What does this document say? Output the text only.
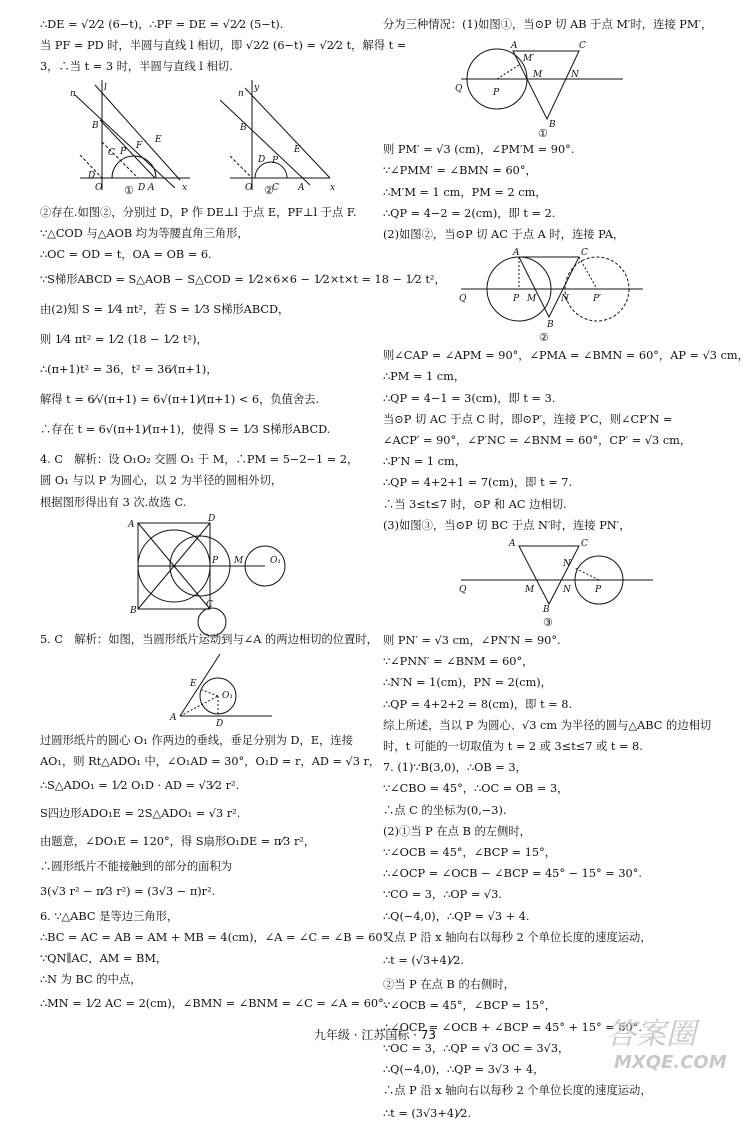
∴DE = √2⁄2 (6−t)，∴PF = DE = √2⁄2 (5−t).
当 PF = PD 时，半圆与直线 l 相切，即 √2⁄2 (6−t) = √2⁄2 t，解得 t =
3，∴当 t = 3 时，半圆与直线 l 相切.
l
n
B
C P
F
E
D
O	D A	x
y
n
B
D P
E
O C A	x
①	②
②存在.如图②，分别过 D，P 作 DE⊥l 于点 E，PF⊥l 于点 F.
∵△COD 与△AOB 均为等腰直角三角形，
∴OC = OD = t，OA = OB = 6.
∵S梯形ABCD = S△AOB − S△COD = 1⁄2×6×6 − 1⁄2×t×t = 18 − 1⁄2 t²，
由(2)知 S = 1⁄4 πt²，若 S = 1⁄3 S梯形ABCD，
则 1⁄4 πt² = 1⁄2 (18 − 1⁄2 t²)，
∴(π+1)t² = 36，t² = 36⁄(π+1)，
解得 t = 6⁄√(π+1) = 6√(π+1)⁄(π+1) < 6，负值舍去.
∴存在 t = 6√(π+1)⁄(π+1)，使得 S = 1⁄3 S梯形ABCD.
4. C　解析：设 O₁O₂ 交圆 O₁ 于 M，∴PM = 5−2−1 = 2，
圆 O₁ 与以 P 为圆心，以 2 为半径的圆相外切，
根据图形得出有 3 次.故选 C.
A
D
B
C
P M	O₁
5. C　解析：如图，当圆形纸片运动到与∠A 的两边相切的位置时，
A
E
O₁
D
过圆形纸片的圆心 O₁ 作两边的垂线，垂足分别为 D，E，连接
AO₁，则 Rt△ADO₁ 中，∠O₁AD = 30°，O₁D = r，AD = √3 r，
∴S△ADO₁ = 1⁄2 O₁D · AD = √3⁄2 r².
S四边形ADO₁E = 2S△ADO₁ = √3 r².
由题意，∠DO₁E = 120°，得 S扇形O₁DE = π⁄3 r²，
∴圆形纸片不能接触到的部分的面积为
3(√3 r² − π⁄3 r²) = (3√3 − π)r².
6. ∵△ABC 是等边三角形，
∴BC = AC = AB = AM + MB = 4(cm)，∠A = ∠C = ∠B = 60°.
∵QN∥AC，AM = BM，
∴N 为 BC 的中点，
∴MN = 1⁄2 AC = 2(cm)，∠BMN = ∠BNM = ∠C = ∠A = 60°.
分为三种情况：(1)如图①，当⊙P 切 AB 于点 M′时，连接 PM′，
A	C
M′
M	N
Q	P
B
①
则 PM′ = √3 (cm)，∠PM′M = 90°.
∵∠PMM′ = ∠BMN = 60°，
∴M′M = 1 cm，PM = 2 cm，
∴QP = 4−2 = 2(cm)，即 t = 2.
(2)如图②，当⊙P 切 AC 于点 A 时，连接 PA，
A	C
Q	P M	N	P′
B
②
则∠CAP = ∠APM = 90°，∠PMA = ∠BMN = 60°，AP = √3 cm，
∴PM = 1 cm，
∴QP = 4−1 = 3(cm)，即 t = 3.
当⊙P 切 AC 于点 C 时，即⊙P′，连接 P′C，则∠CP′N =
∠ACP′ = 90°，∠P′NC = ∠BNM = 60°，CP′ = √3 cm，
∴P′N = 1 cm，
∴QP = 4+2+1 = 7(cm)，即 t = 7.
∴当 3≤t≤7 时，⊙P 和 AC 边相切.
(3)如图③，当⊙P 切 BC 于点 N′时，连接 PN′，
A	C
N′
M	N	P
Q
B
③
则 PN′ = √3 cm，∠PN′N = 90°.
∵∠PNN′ = ∠BNM = 60°，
∴N′N = 1(cm)，PN = 2(cm)，
∴QP = 4+2+2 = 8(cm)，即 t = 8.
综上所述，当以 P 为圆心、√3 cm 为半径的圆与△ABC 的边相切
时，t 可能的一切取值为 t = 2 或 3≤t≤7 或 t = 8.
7. (1)∵B(3,0)，∴OB = 3，
∵∠CBO = 45°，∴OC = OB = 3，
∴点 C 的坐标为(0,−3).
(2)①当 P 在点 B 的左侧时，
∵∠OCB = 45°，∠BCP = 15°，
∴∠OCP = ∠OCB − ∠BCP = 45° − 15° = 30°.
∵CO = 3，∴OP = √3.
∴Q(−4,0)，∴QP = √3 + 4.
又点 P 沿 x 轴向右以每秒 2 个单位长度的速度运动，
∴t = (√3+4)⁄2.
②当 P 在点 B 的右侧时，
∵∠OCB = 45°，∠BCP = 15°，
∴∠OCP = ∠OCB + ∠BCP = 45° + 15° = 60°.
∵OC = 3，∴QP = √3 OC = 3√3，
∴Q(−4,0)，∴QP = 3√3 + 4，
∴点 P 沿 x 轴向右以每秒 2 个单位长度的速度运动，
∴t = (3√3+4)⁄2.
九年级 · 江苏国标 · 73	答案圈
MXQE.COM
